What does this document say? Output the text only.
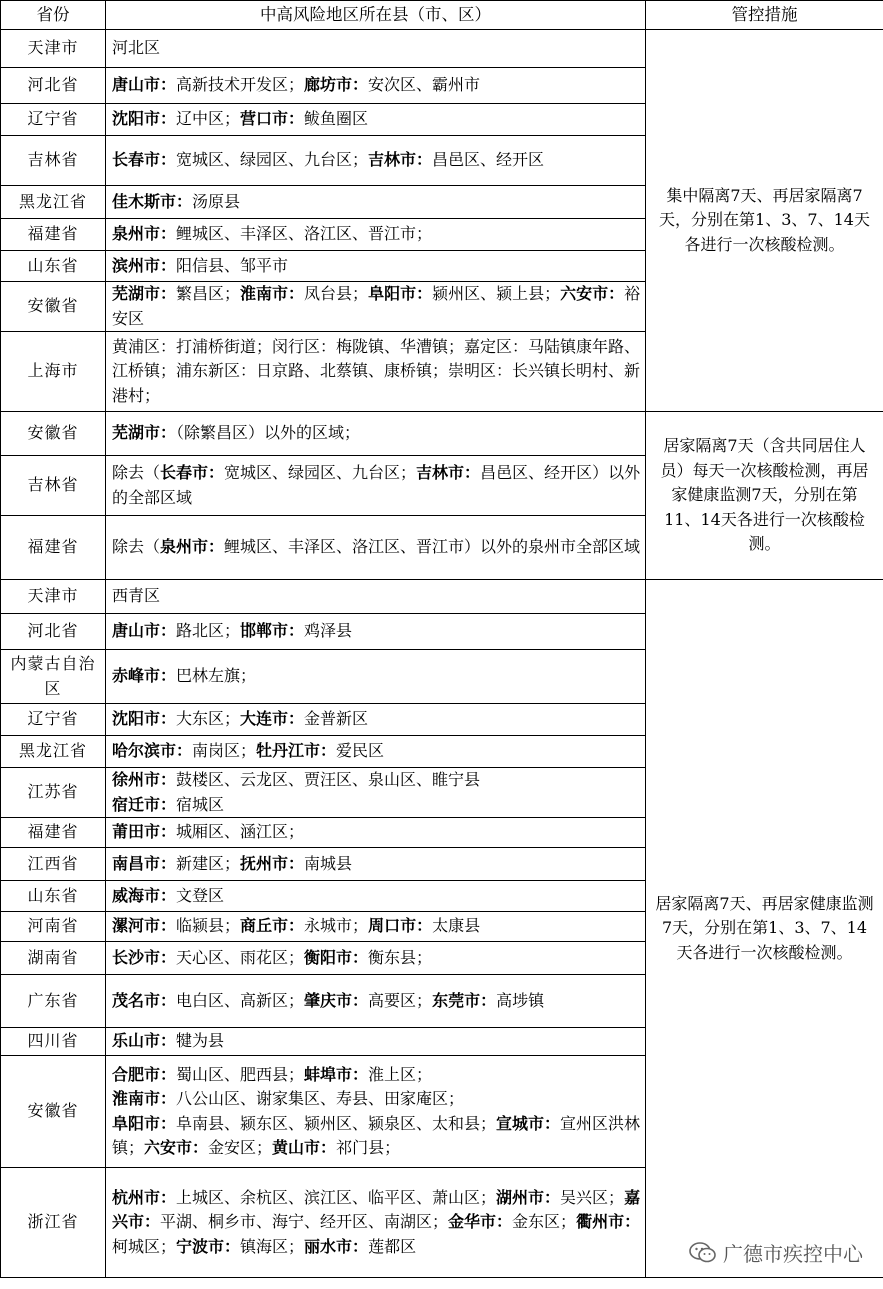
省份	中高风险地区所在县（市、区）	管控措施
天津市	河北区	集中隔离7天、再居家隔离7天，分别在第1、3、7、14天各进行一次核酸检测。
河北省	唐山市：高新技术开发区；廊坊市：安次区、霸州市	

辽宁省	沈阳市：辽中区；营口市：鲅鱼圈区	

吉林省	长春市：宽城区、绿园区、九台区；吉林市：昌邑区、经开区	

黑龙江省	佳木斯市：汤原县	

福建省	泉州市：鲤城区、丰泽区、洛江区、晋江市；	

山东省	滨州市：阳信县、邹平市	

安徽省	芜湖市：繁昌区；淮南市：凤台县；阜阳市：颍州区、颍上县；六安市：裕安区	

上海市	黄浦区：打浦桥街道；闵行区：梅陇镇、华漕镇；嘉定区：马陆镇康年路、江桥镇；浦东新区：日京路、北蔡镇、康桥镇；崇明区：长兴镇长明村、新港村；	

安徽省	芜湖市：（除繁昌区）以外的区域；	居家隔离7天（含共同居住人员）每天一次核酸检测，再居家健康监测7天，分别在第11、14天各进行一次核酸检测。
吉林省	除去（长春市：宽城区、绿园区、九台区；吉林市：昌邑区、经开区）以外的全部区域	

福建省	除去（泉州市：鲤城区、丰泽区、洛江区、晋江市）以外的泉州市全部区域	

天津市	西青区	居家隔离7天、再居家健康监测7天，分别在第1、3、7、14天各进行一次核酸检测。
河北省	唐山市：路北区；邯郸市：鸡泽县	

内蒙古自治区	赤峰市：巴林左旗；	

辽宁省	沈阳市：大东区；大连市：金普新区	

黑龙江省	哈尔滨市：南岗区；牡丹江市：爱民区	

江苏省	徐州市：鼓楼区、云龙区、贾汪区、泉山区、睢宁县
宿迁市：宿城区	

福建省	莆田市：城厢区、涵江区；	

江西省	南昌市：新建区；抚州市：南城县	

山东省	威海市：文登区	

河南省	漯河市：临颍县；商丘市：永城市；周口市：太康县	

湖南省	长沙市：天心区、雨花区；衡阳市：衡东县；	

广东省	茂名市：电白区、高新区；肇庆市：高要区；东莞市：高埗镇	

四川省	乐山市：犍为县	

安徽省	合肥市：蜀山区、肥西县；蚌埠市：淮上区；
淮南市：八公山区、谢家集区、寿县、田家庵区；
阜阳市：阜南县、颍东区、颍州区、颍泉区、太和县；宣城市：宣州区洪林镇；六安市：金安区；黄山市：祁门县；	

浙江省	杭州市：上城区、余杭区、滨江区、临平区、萧山区；湖州市：吴兴区；嘉兴市：平湖、桐乡市、海宁、经开区、南湖区；金华市：金东区；衢州市：柯城区；宁波市：镇海区；丽水市：莲都区		广德市疾控中心
